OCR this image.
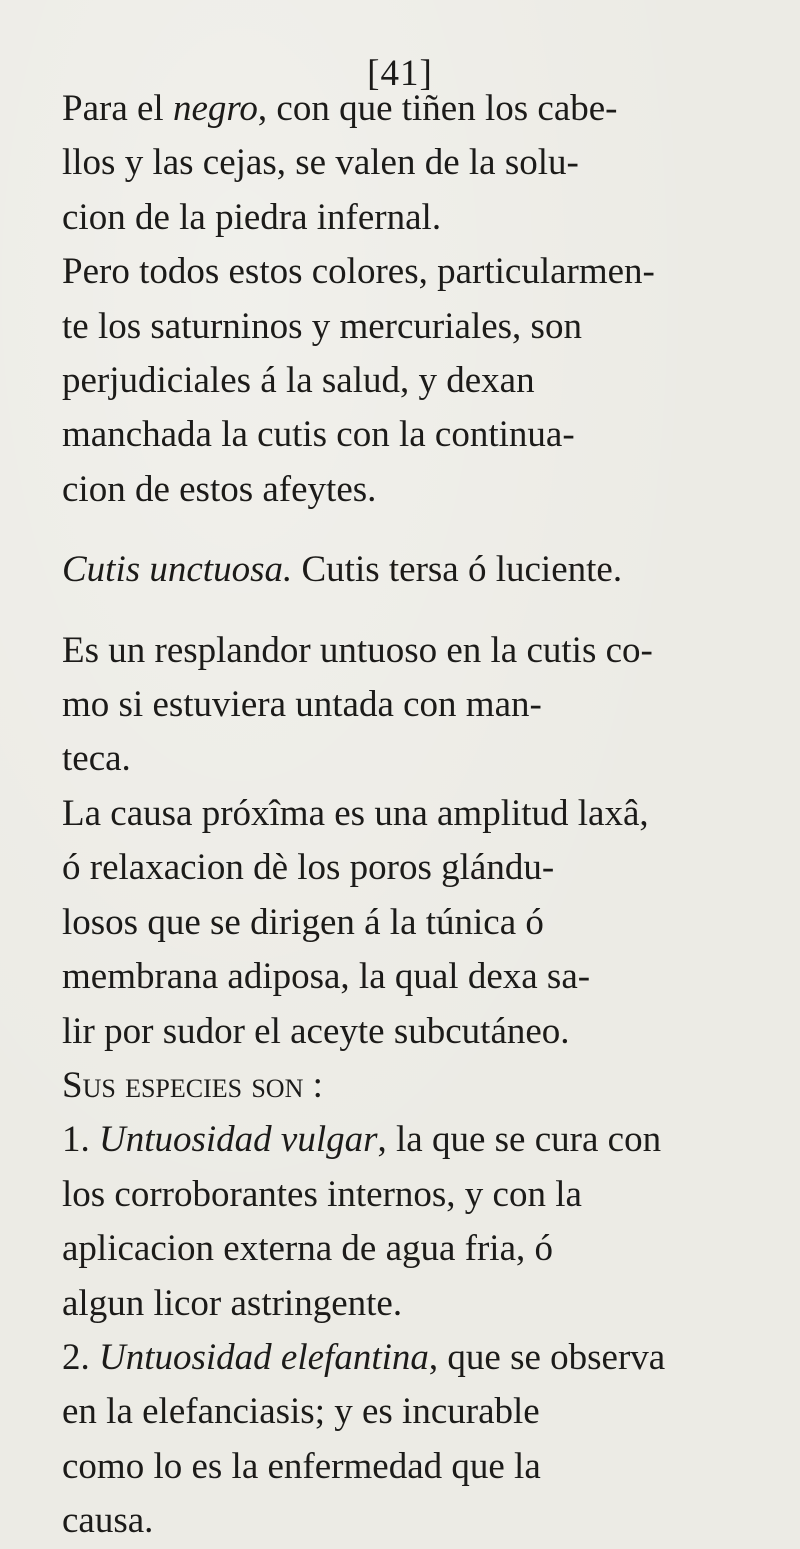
[41]
Para el negro, con que tiñen los cabe-
llos y las cejas, se valen de la solu-
cion de la piedra infernal.
Pero todos estos colores, particularmen-
te los saturninos y mercuriales, son
perjudiciales á la salud, y dexan
manchada la cutis con la continua-
cion de estos afeytes.
Cutis unctuosa. Cutis tersa ó luciente.
Es un resplandor untuoso en la cutis co-
mo si estuviera untada con man-
teca.
La causa próxîma es una amplitud laxâ,
ó relaxacion dè los poros glándu-
losos que se dirigen á la túnica ó
membrana adiposa, la qual dexa sa-
lir por sudor el aceyte subcutáneo.
Sus especies son :
1. Untuosidad vulgar, la que se cura con
los corroborantes internos, y con la
aplicacion externa de agua fria, ó
algun licor astringente.
2. Untuosidad elefantina, que se observa
en la elefanciasis; y es incurable
como lo es la enfermedad que la
causa.
